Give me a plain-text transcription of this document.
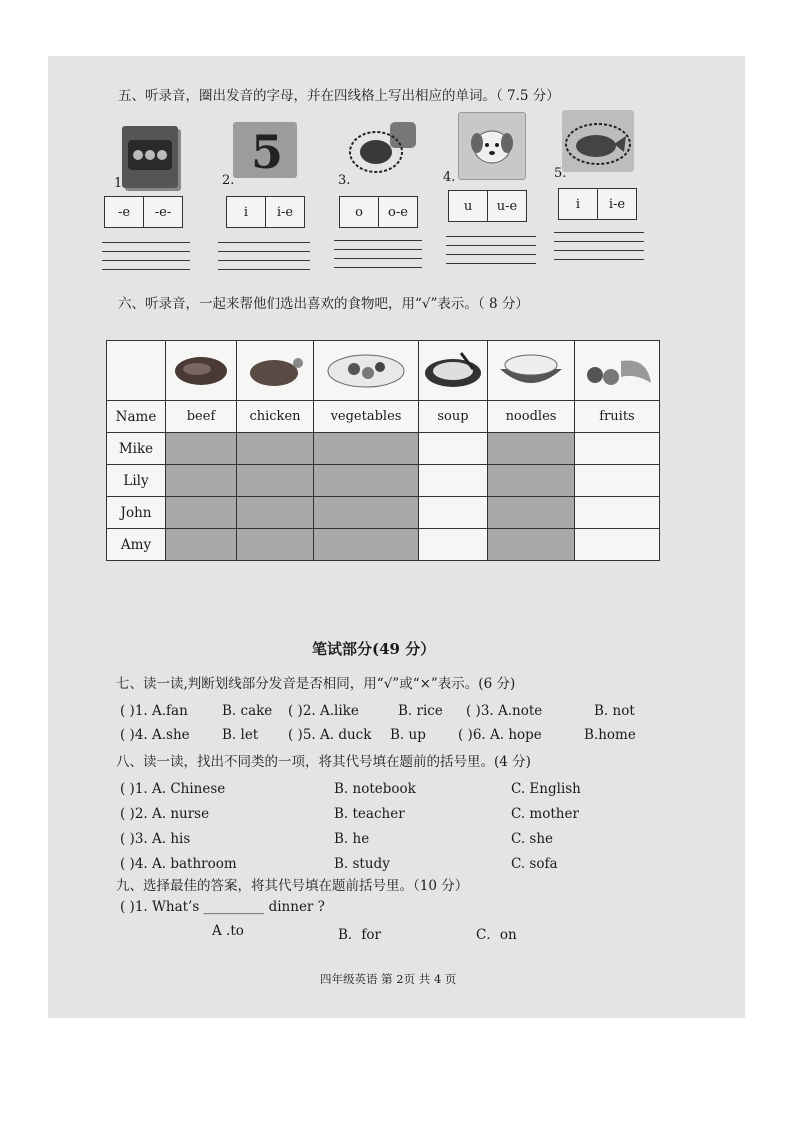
五、听录音，圈出发音的字母，并在四线格上写出相应的单词。（ 7.5 分）
5
1	2.	3.	4.	5.
-e	-e-	i	i-e	o	o-e	u	u-e	i	i-e
六、听录音，一起来帮他们选出喜欢的食物吧，用“√”表示。（ 8 分）

Name	beef	chicken	vegetables	soup	noodles	fruits
Mike						
Lily						
John						
Amy						
笔试部分(49 分）
七、读一读,判断划线部分发音是否相同，用“√”或“×”表示。(6 分)
( )1. A.fan	B. cake ( )2. A.like	B. rice ( )3. A.note	B. not
( )4. A.she B. let ( )5. A. duck B. up ( )6. A. hope	B.home
八、读一读，找出不同类的一项，将其代号填在题前的括号里。(4 分)
( )1. A. Chinese	B. notebook	C. English
( )2. A. nurse	B. teacher	C. mother
( )3. A. his	B. he	C. she
( )4. A. bathroom	B. study	C. sofa
九、选择最佳的答案，将其代号填在题前括号里。（10 分）
( )1. What’s _________ dinner ?
A .to	B．for	C．on
四年级英语 第 2页 共 4 页
